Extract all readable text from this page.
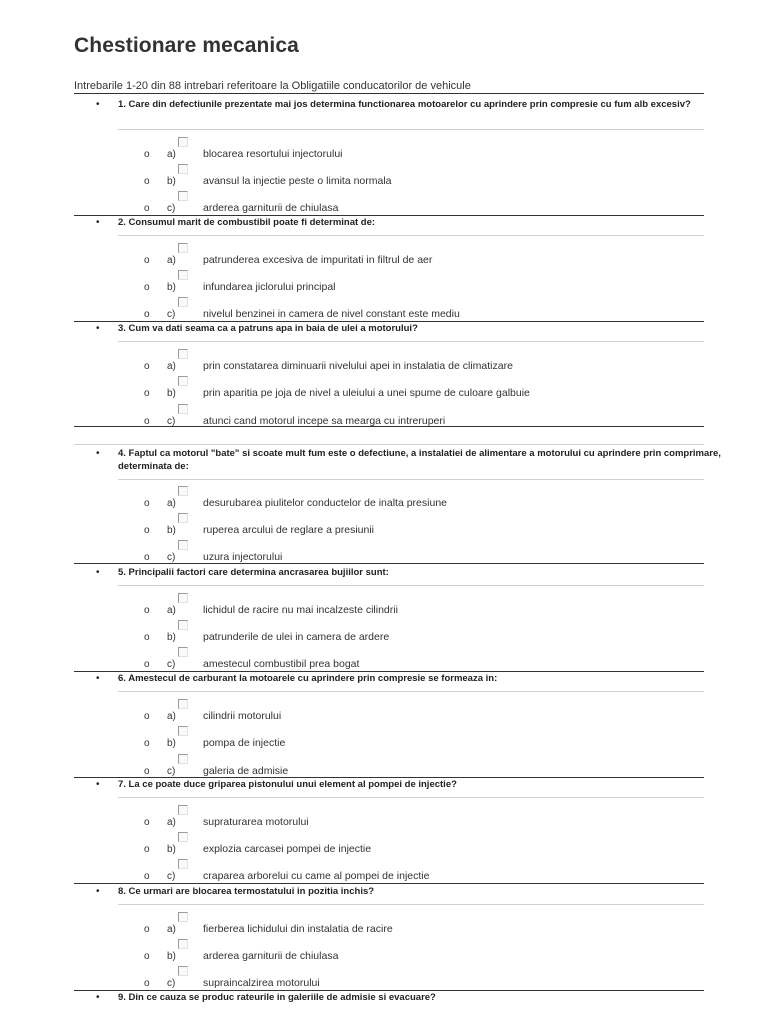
Chestionare mecanica
Intrebarile 1-20 din 88 intrebari referitoare la Obligatiile conducatorilor de vehicule
• 1. Care din defectiunile prezentate mai jos determina functionarea motoarelor cu aprindere prin compresie cu fum alb excesiv?
o a)	blocarea resortului injectorului
o b)	avansul la injectie peste o limita normala
o c)	arderea garniturii de chiulasa
• 2. Consumul marit de combustibil poate fi determinat de:
o a)	patrunderea excesiva de impuritati in filtrul de aer
o b)	infundarea jiclorului principal
o c)	nivelul benzinei in camera de nivel constant este mediu
• 3. Cum va dati seama ca a patruns apa in baia de ulei a motorului?
o a)	prin constatarea diminuarii nivelului apei in instalatia de climatizare
o b)	prin aparitia pe joja de nivel a uleiului a unei spume de culoare galbuie
o c)	atunci cand motorul incepe sa mearga cu intreruperi
• 4. Faptul ca motorul "bate" si scoate mult fum este o defectiune, a instalatiei de alimentare a motorului cu aprindere prin comprimare, determinata de:
o a)	desurubarea piulitelor conductelor de inalta presiune
o b)	ruperea arcului de reglare a presiunii
o c)	uzura injectorului
• 5. Principalii factori care determina ancrasarea bujiilor sunt:
o a)	lichidul de racire nu mai incalzeste cilindrii
o b)	patrunderile de ulei in camera de ardere
o c)	amestecul combustibil prea bogat
• 6. Amestecul de carburant la motoarele cu aprindere prin compresie se formeaza in:
o a)	cilindrii motorului
o b)	pompa de injectie
o c)	galeria de admisie
• 7. La ce poate duce griparea pistonului unui element al pompei de injectie?
o a)	supraturarea motorului
o b)	explozia carcasei pompei de injectie
o c)	craparea arborelui cu came al pompei de injectie
• 8. Ce urmari are blocarea termostatului in pozitia inchis?
o a)	fierberea lichidului din instalatia de racire
o b)	arderea garniturii de chiulasa
o c)	supraincalzirea motorului
• 9. Din ce cauza se produc rateurile in galeriile de admisie si evacuare?
